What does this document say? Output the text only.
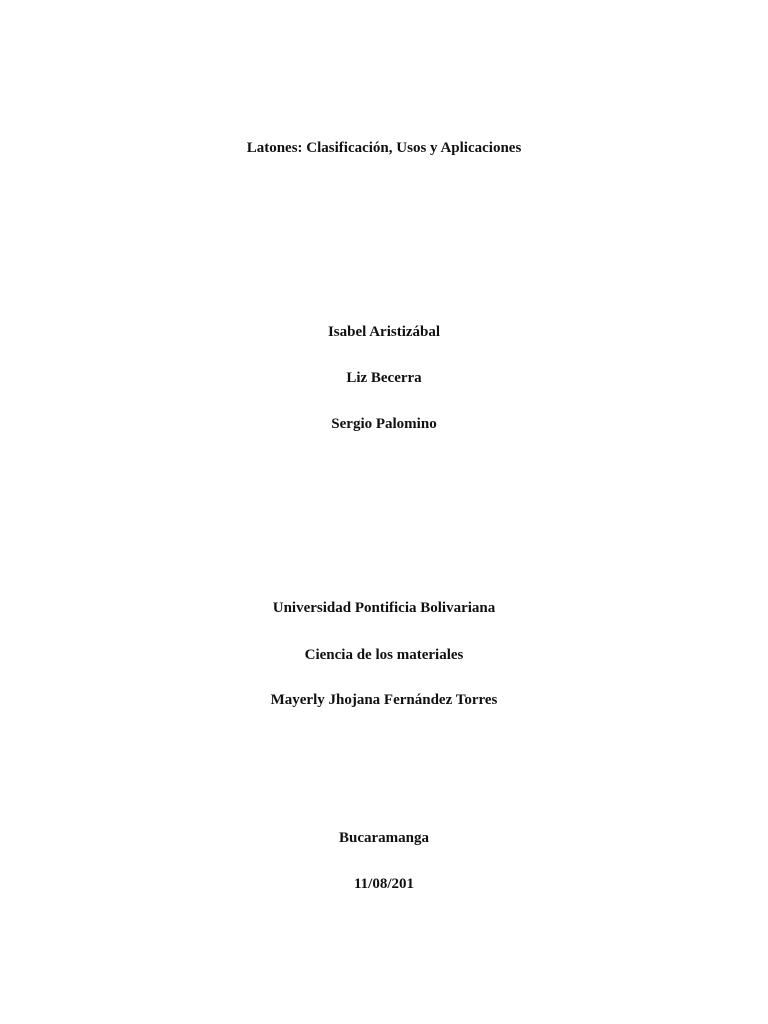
Latones: Clasificación, Usos y Aplicaciones

Isabel Aristizábal

Liz Becerra

Sergio Palomino

Universidad Pontificia Bolivariana

Ciencia de los materiales

Mayerly Jhojana Fernández Torres

Bucaramanga

11/08/201
